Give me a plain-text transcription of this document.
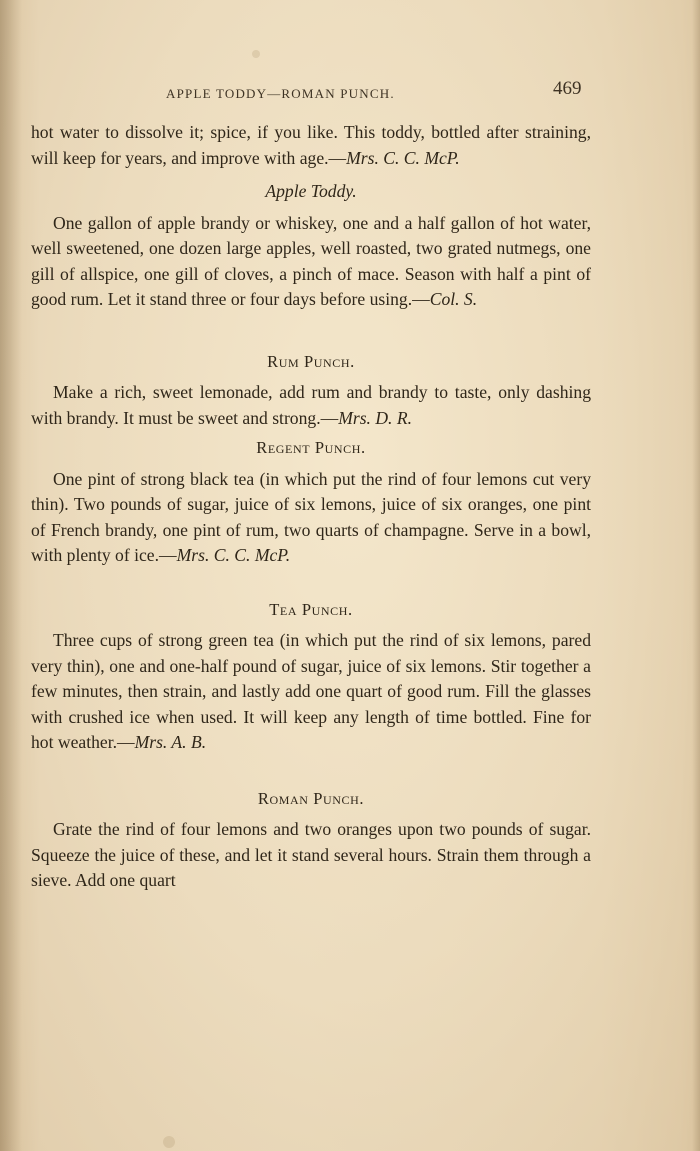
APPLE TODDY—ROMAN PUNCH.	469

hot water to dissolve it; spice, if you like. This toddy, bottled after straining, will keep for years, and improve with age.—Mrs. C. C. McP.

Apple Toddy.

One gallon of apple brandy or whiskey, one and a half gallon of hot water, well sweetened, one dozen large apples, well roasted, two grated nutmegs, one gill of allspice, one gill of cloves, a pinch of mace. Season with half a pint of good rum. Let it stand three or four days before using.—Col. S.

Rum Punch.

Make a rich, sweet lemonade, add rum and brandy to taste, only dashing with brandy. It must be sweet and strong.—Mrs. D. R.

Regent Punch.

One pint of strong black tea (in which put the rind of four lemons cut very thin). Two pounds of sugar, juice of six lemons, juice of six oranges, one pint of French brandy, one pint of rum, two quarts of champagne. Serve in a bowl, with plenty of ice.—Mrs. C. C. McP.

Tea Punch.

Three cups of strong green tea (in which put the rind of six lemons, pared very thin), one and one-half pound of sugar, juice of six lemons. Stir together a few minutes, then strain, and lastly add one quart of good rum. Fill the glasses with crushed ice when used. It will keep any length of time bottled. Fine for hot weather.—Mrs. A. B.

Roman Punch.

Grate the rind of four lemons and two oranges upon two pounds of sugar. Squeeze the juice of these, and let it stand several hours. Strain them through a sieve. Add one quart
